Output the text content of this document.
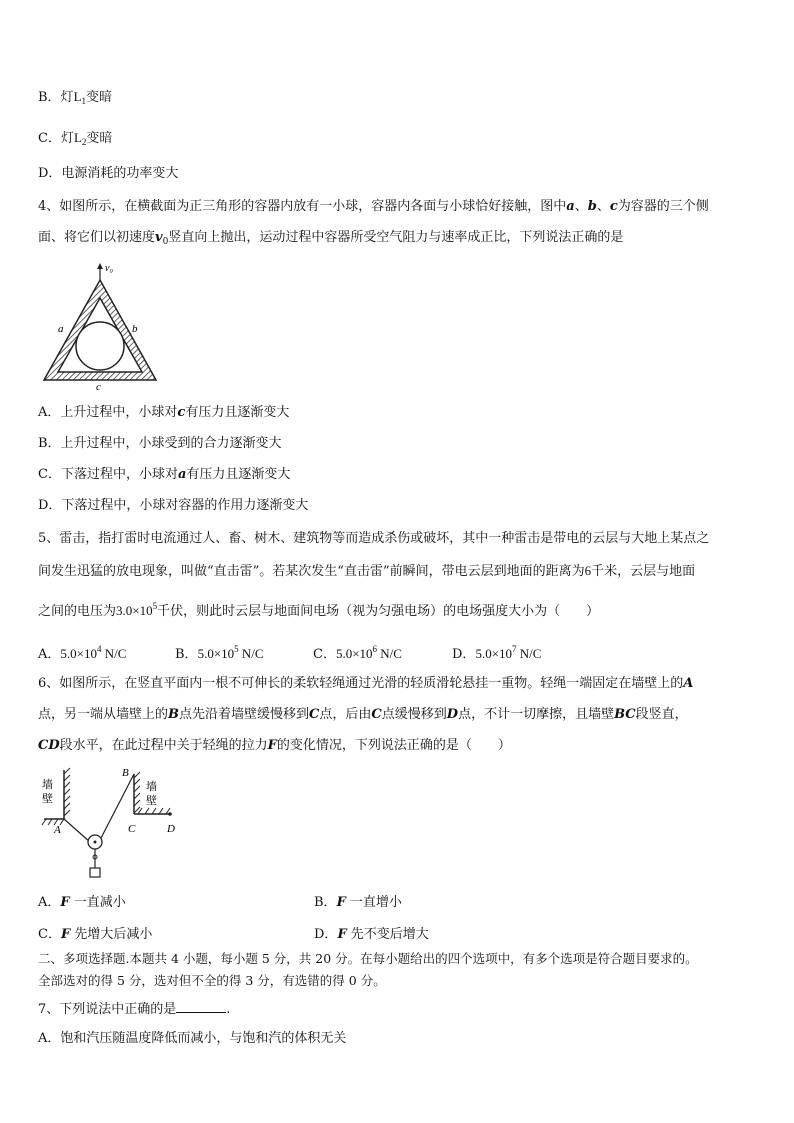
B．灯$L_1$变暗
C．灯$L_2$变暗
D．电源消耗的功率变大
4、如图所示，在横截面为正三角形的容器内放有一小球，容器内各面与小球恰好接触，图中a、b、c为容器的三个侧
面、将它们以初速度$v_0$竖直向上抛出，运动过程中容器所受空气阻力与速率成正比，下列说法正确的是
v₀
a	b
c
A．上升过程中，小球对c有压力且逐渐变大
B．上升过程中，小球受到的合力逐渐变大
C．下落过程中，小球对a有压力且逐渐变大
D．下落过程中，小球对容器的作用力逐渐变大
5、雷击，指打雷时电流通过人、畜、树木、建筑物等而造成杀伤或破坏，其中一种雷击是带电的云层与大地上某点之
间发生迅猛的放电现象，叫做“直击雷”。若某次发生“直击雷”前瞬间，带电云层到地面的距离为6千米，云层与地面
之间的电压为$3.0\times 10^5$千伏，则此时云层与地面间电场（视为匀强电场）的电场强度大小为（　　）
A．$5.0\times 10^4$ N/C	B．$5.0\times 10^5$ N/C	C．$5.0\times 10^6$ N/C	D．$5.0\times 10^7$ N/C
6、如图所示，在竖直平面内一根不可伸长的柔软轻绳通过光滑的轻质滑轮悬挂一重物。轻绳一端固定在墙壁上的A
点，另一端从墙壁上的B点先沿着墙壁缓慢移到C点，后由C点缓慢移到D点，不计一切摩擦，且墙壁BC段竖直，
CD段水平，在此过程中关于轻绳的拉力F的变化情况，下列说法正确的是（　　）
墙
壁
墙
壁
A
B
C	D
A．F 一直减小	B．F 一直增小
C．F 先增大后减小	D．F 先不变后增大
二、多项选择题.本题共 4 小题，每小题 5 分，共 20 分。在每小题给出的四个选项中，有多个选项是符合题目要求的。
全部选对的得 5 分，选对但不全的得 3 分，有选错的得 0 分。
7、下列说法中正确的是	.
A．饱和汽压随温度降低而减小，与饱和汽的体积无关
